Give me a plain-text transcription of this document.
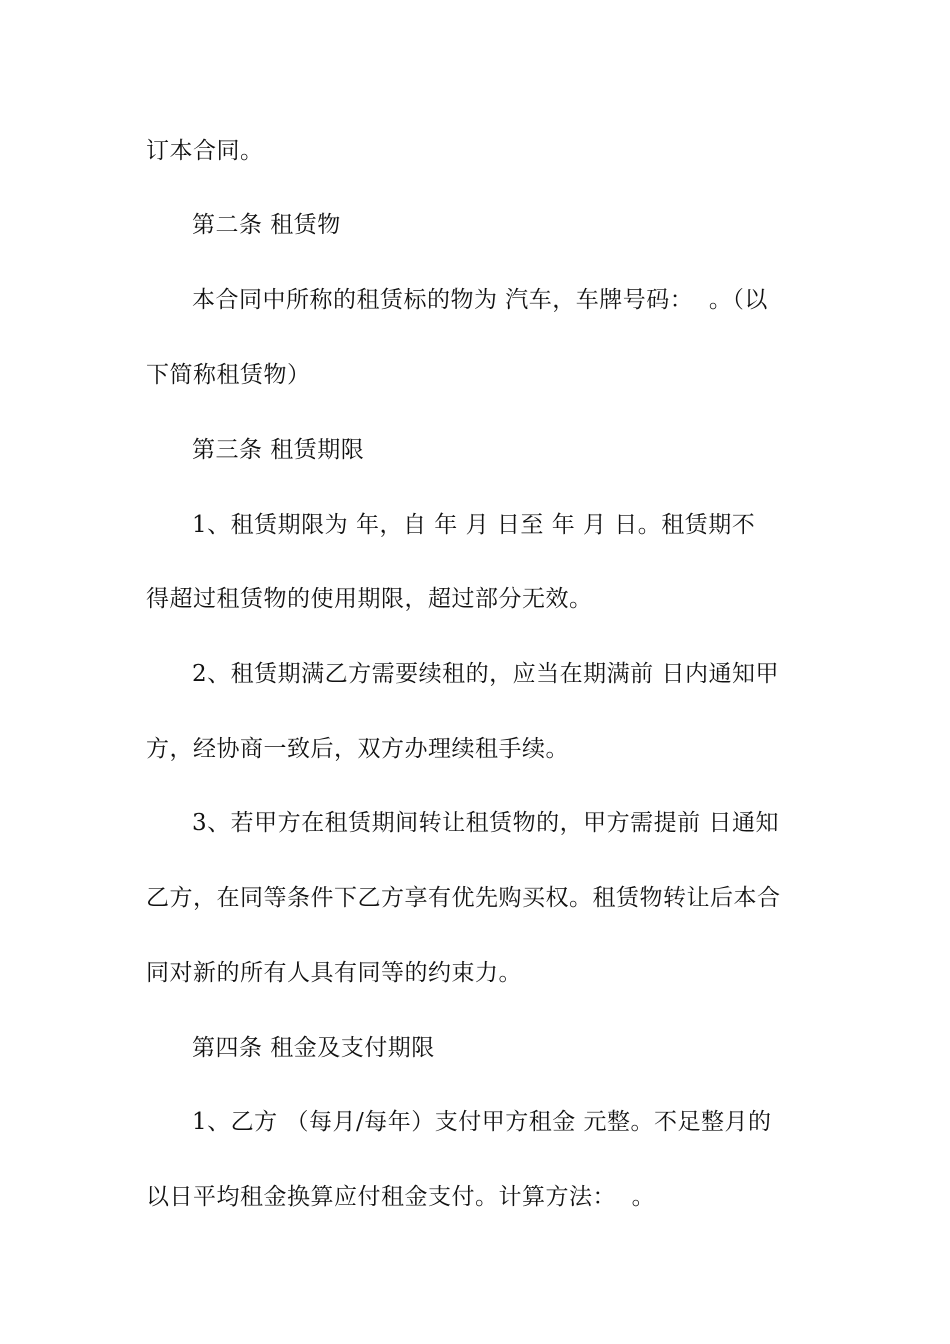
订本合同。
第二条 租赁物
本合同中所称的租赁标的物为 汽车，车牌号码：  。（以
下简称租赁物）
第三条 租赁期限
1、租赁期限为 年，自 年 月 日至 年 月 日。租赁期不
得超过租赁物的使用期限，超过部分无效。
2、租赁期满乙方需要续租的，应当在期满前 日内通知甲
方，经协商一致后，双方办理续租手续。
3、若甲方在租赁期间转让租赁物的，甲方需提前 日通知
乙方，在同等条件下乙方享有优先购买权。租赁物转让后本合
同对新的所有人具有同等的约束力。
第四条 租金及支付期限
1、乙方 （每月/每年）支付甲方租金 元整。不足整月的
以日平均租金换算应付租金支付。计算方法：  。
